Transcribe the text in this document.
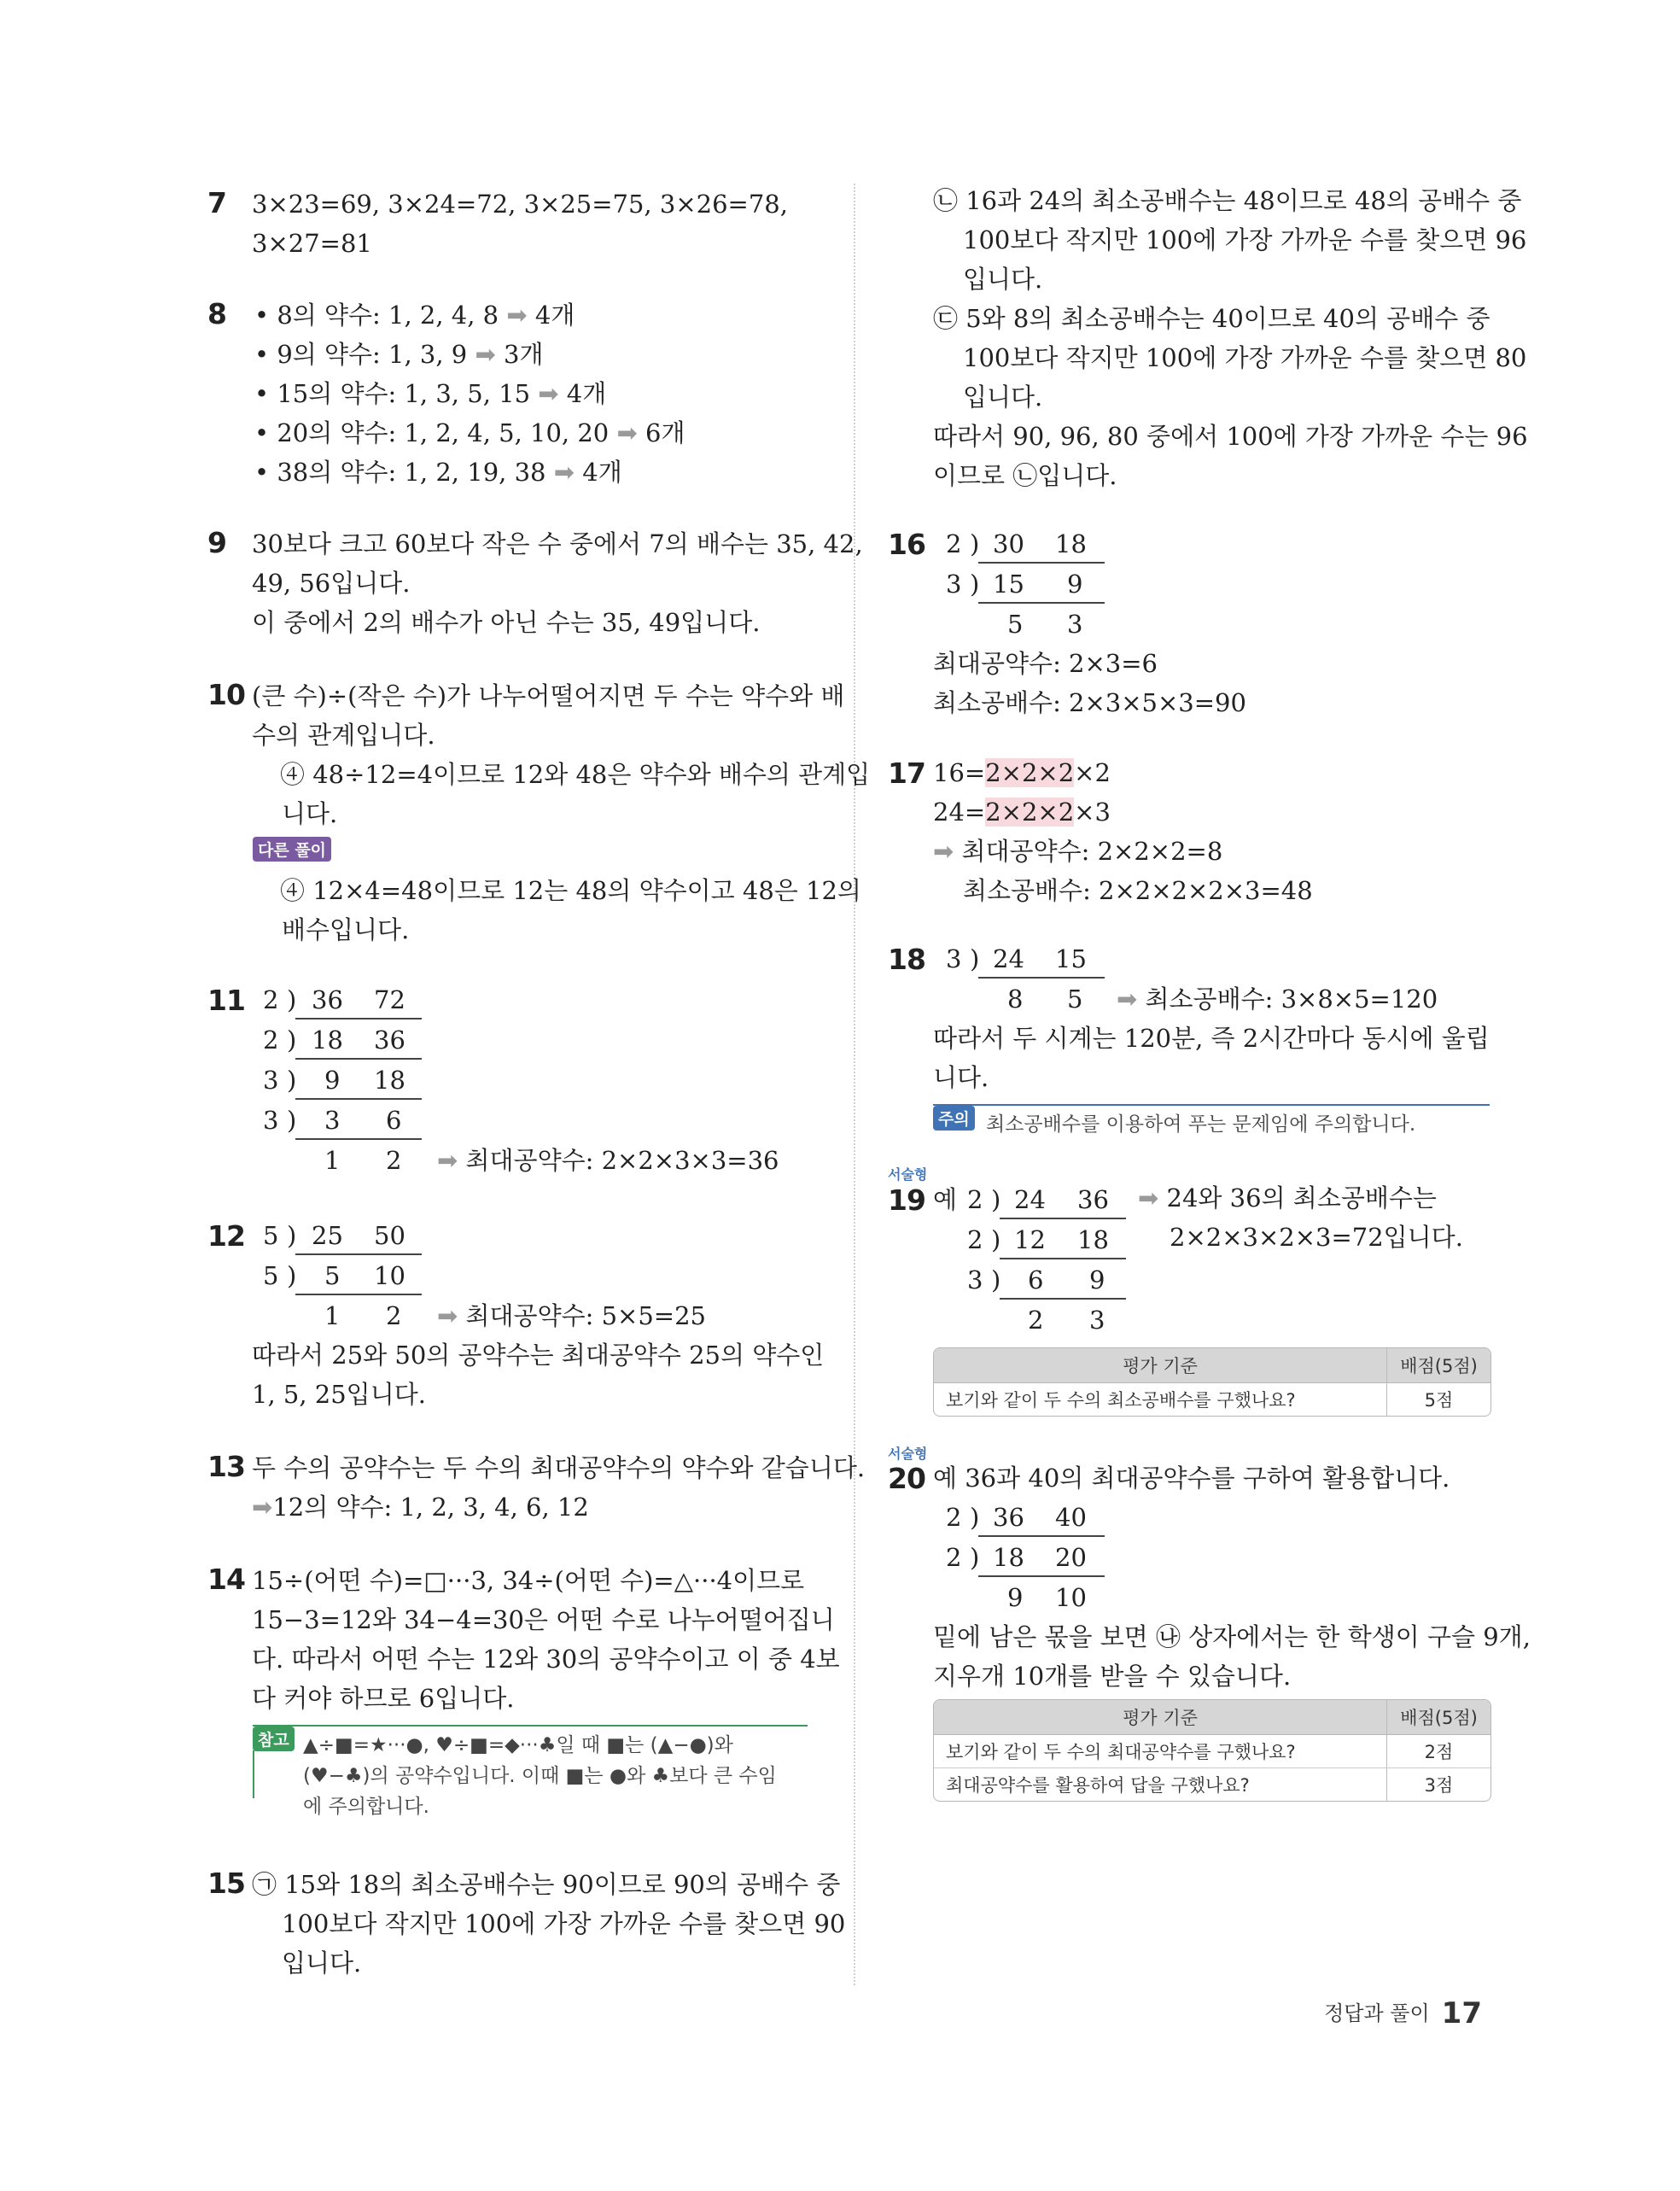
7 3×23=69, 3×24=72, 3×25=75, 3×26=78,
3×27=81
8 • 8의 약수: 1, 2, 4, 8 ➡ 4개
• 9의 약수: 1, 3, 9 ➡ 3개
• 15의 약수: 1, 3, 5, 15 ➡ 4개
• 20의 약수: 1, 2, 4, 5, 10, 20 ➡ 6개
• 38의 약수: 1, 2, 19, 38 ➡ 4개
9 30보다 크고 60보다 작은 수 중에서 7의 배수는 35, 42,
49, 56입니다.
이 중에서 2의 배수가 아닌 수는 35, 49입니다.
10 (큰 수)÷(작은 수)가 나누어떨어지면 두 수는 약수와 배
수의 관계입니다.
④ 48÷12=4이므로 12와 48은 약수와 배수의 관계입
니다.
다른 풀이
④ 12×4=48이므로 12는 48의 약수이고 48은 12의
배수입니다.
11 2 ) 36 72
2 ) 18 36
3 ) 9 18
3 ) 3 6
1 2 ➡ 최대공약수: 2×2×3×3=36
12 5 ) 25 50
5 ) 5 10
1 2 ➡ 최대공약수: 5×5=25
따라서 25와 50의 공약수는 최대공약수 25의 약수인
1, 5, 25입니다.
13 두 수의 공약수는 두 수의 최대공약수의 약수와 같습니다.
➡12의 약수: 1, 2, 3, 4, 6, 12
14 15÷(어떤 수)=□···3, 34÷(어떤 수)=△···4이므로
15−3=12와 34−4=30은 어떤 수로 나누어떨어집니
다. 따라서 어떤 수는 12와 30의 공약수이고 이 중 4보
다 커야 하므로 6입니다.
참고 ▲÷■=★···●, ♥÷■=◆···♣일 때 ■는 (▲−●)와
(♥−♣)의 공약수입니다. 이때 ■는 ●와 ♣보다 큰 수임
에 주의합니다.
15 ㉠ 15와 18의 최소공배수는 90이므로 90의 공배수 중
100보다 작지만 100에 가장 가까운 수를 찾으면 90
입니다.
㉡ 16과 24의 최소공배수는 48이므로 48의 공배수 중
100보다 작지만 100에 가장 가까운 수를 찾으면 96
입니다.
㉢ 5와 8의 최소공배수는 40이므로 40의 공배수 중
100보다 작지만 100에 가장 가까운 수를 찾으면 80
입니다.
따라서 90, 96, 80 중에서 100에 가장 가까운 수는 96
이므로 ㉡입니다.
16 2 ) 30 18
3 ) 15 9
5 3
최대공약수: 2×3=6
최소공배수: 2×3×5×3=90
17 16=2×2×2×2
24=2×2×2×3
➡ 최대공약수: 2×2×2=8
최소공배수: 2×2×2×2×3=48
18 3 ) 24 15
8 5 ➡ 최소공배수: 3×8×5=120
따라서 두 시계는 120분, 즉 2시간마다 동시에 울립
니다.
주의 최소공배수를 이용하여 푸는 문제임에 주의합니다.
서술형
19 예 2 ) 24 36
2 ) 12 18
3 ) 6 9
2 3
➡ 24와 36의 최소공배수는
2×2×3×2×3=72입니다.
평가 기준	배점(5점)
보기와 같이 두 수의 최소공배수를 구했나요?	5점
서술형
20 예 36과 40의 최대공약수를 구하여 활용합니다.
2 ) 36 40
2 ) 18 20
9 10
밑에 남은 몫을 보면 ㉯ 상자에서는 한 학생이 구슬 9개,
지우개 10개를 받을 수 있습니다.
평가 기준	배점(5점)
보기와 같이 두 수의 최대공약수를 구했나요?	2점
최대공약수를 활용하여 답을 구했나요?	3점
정답과 풀이 17
